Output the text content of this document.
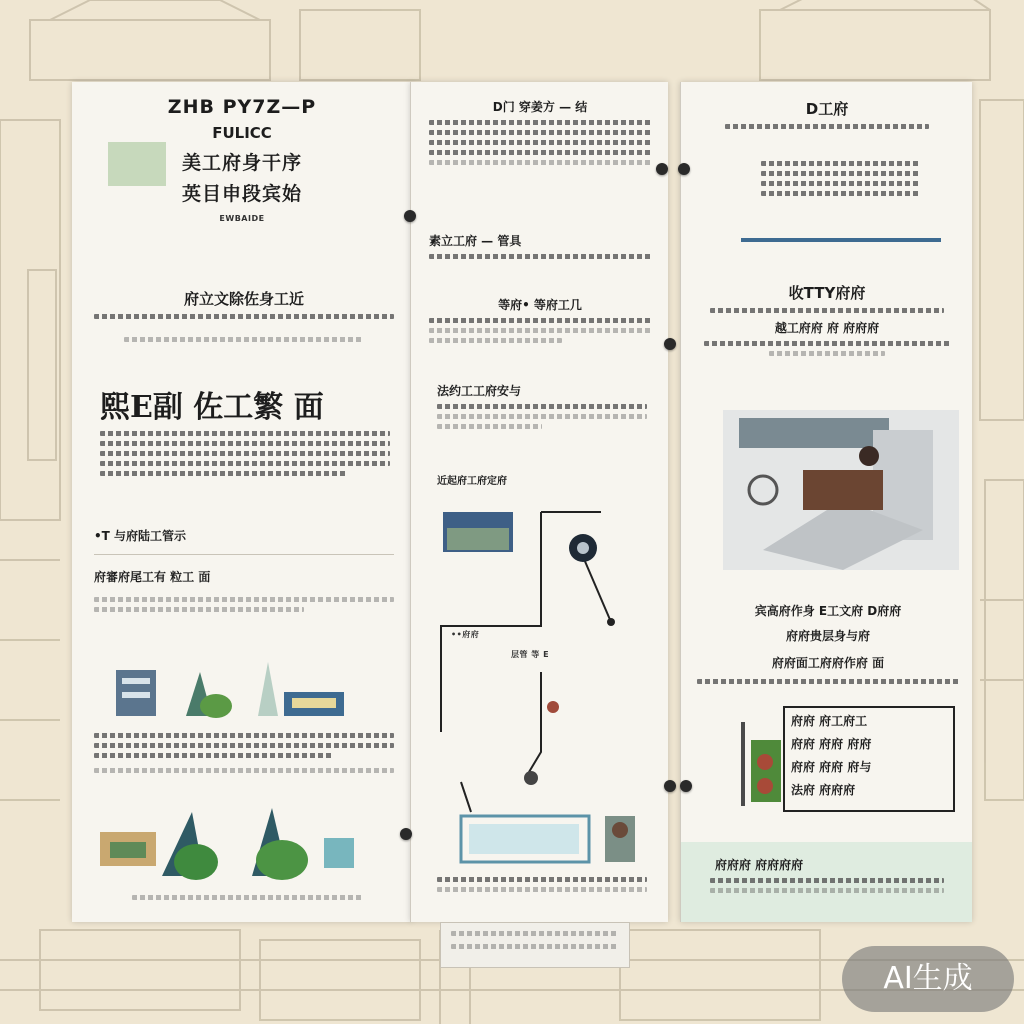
ZHB PY7Z—P
FULICC
美工府身干序
英目申段宾始
EWBAIDE
府立文除佐身工近
熙E副 佐工繁 面
•T 与府陆工管示
府審府尾工有 粒工 面
D门 穿姜方 — 结
素立工府 — 管具
等府• 等府工几
法约工工府安与
近起府工府定府
••府府
层管 等 E
D工府
收TTY府府
越工府府 府 府府府
宾高府作身 E工文府 D府府
府府贵层身与府
府府面工府府作府 面
府府 府工府工
府府 府府 府府
府府 府府 府与
法府 府府府
府府府 府府府府
AI生成
